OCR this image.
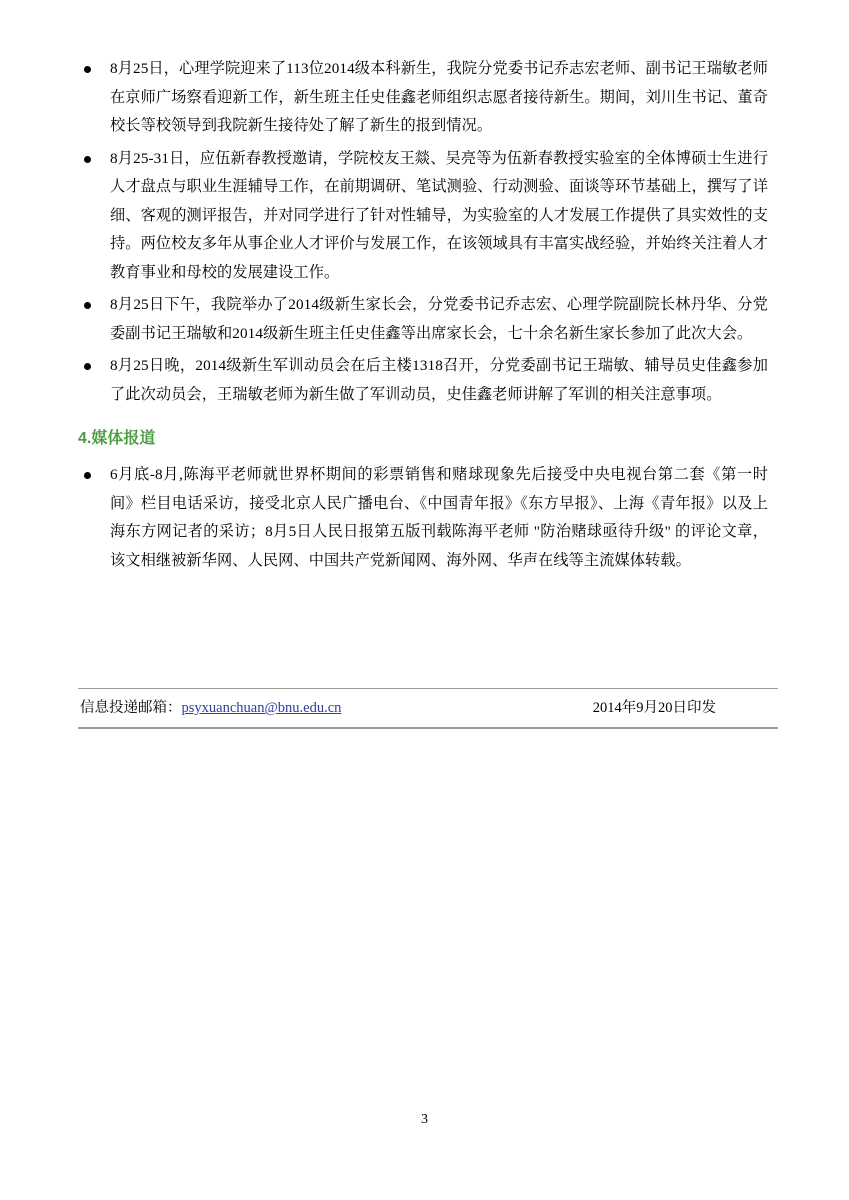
8月25日，心理学院迎来了113位2014级本科新生，我院分党委书记乔志宏老师、副书记王瑞敏老师在京师广场察看迎新工作，新生班主任史佳鑫老师组织志愿者接待新生。期间，刘川生书记、董奇校长等校领导到我院新生接待处了解了新生的报到情况。
8月25-31日，应伍新春教授邀请，学院校友王燚、吴亮等为伍新春教授实验室的全体博硕士生进行人才盘点与职业生涯辅导工作，在前期调研、笔试测验、行动测验、面谈等环节基础上，撰写了详细、客观的测评报告，并对同学进行了针对性辅导，为实验室的人才发展工作提供了具实效性的支持。两位校友多年从事企业人才评价与发展工作，在该领域具有丰富实战经验，并始终关注着人才教育事业和母校的发展建设工作。
8月25日下午，我院举办了2014级新生家长会，分党委书记乔志宏、心理学院副院长林丹华、分党委副书记王瑞敏和2014级新生班主任史佳鑫等出席家长会，七十余名新生家长参加了此次大会。
8月25日晚，2014级新生军训动员会在后主楼1318召开，分党委副书记王瑞敏、辅导员史佳鑫参加了此次动员会，王瑞敏老师为新生做了军训动员，史佳鑫老师讲解了军训的相关注意事项。
4.媒体报道
6月底-8月,陈海平老师就世界杯期间的彩票销售和赌球现象先后接受中央电视台第二套《第一时间》栏目电话采访，接受北京人民广播电台、《中国青年报》《东方早报》、上海《青年报》以及上海东方网记者的采访；8月5日人民日报第五版刊载陈海平老师 "防治赌球亟待升级" 的评论文章，该文相继被新华网、人民网、中国共产党新闻网、海外网、华声在线等主流媒体转载。
信息投递邮箱：psyxuanchuan@bnu.edu.cn	2014年9月20日印发
3
